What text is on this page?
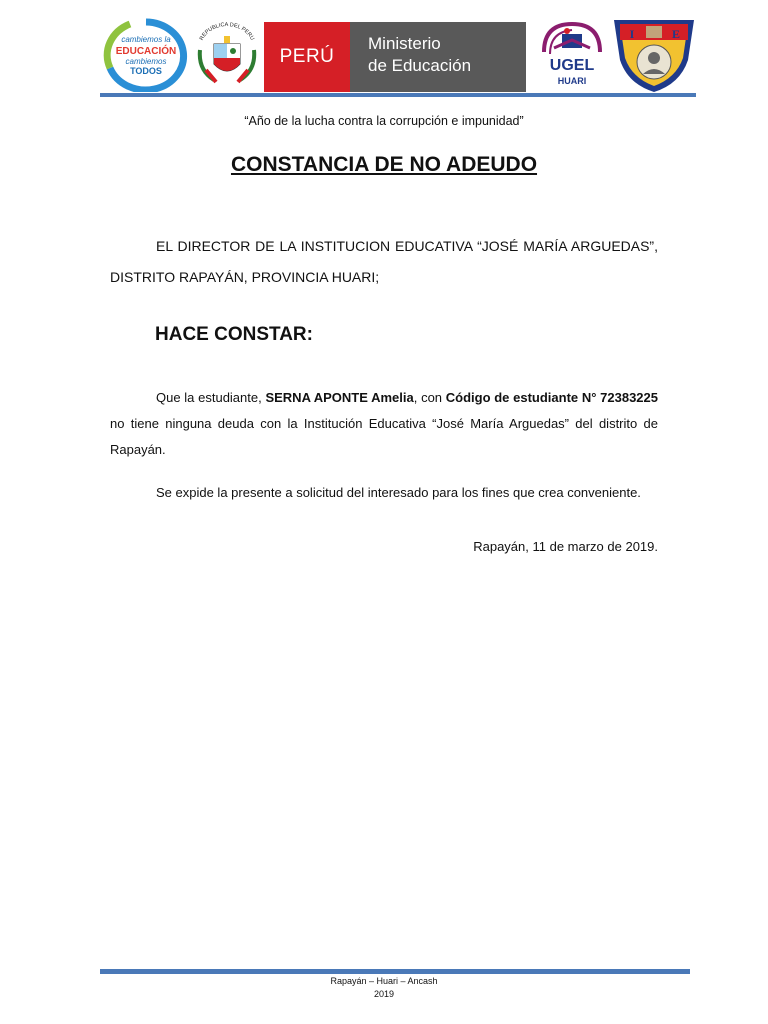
cambiemos la
EDUCACIÓN
cambiemos
TODOS
REPUBLICA DEL PERU
PERÚ
Ministerio
de Educación	UGEL
HUARI
I	E
“Año de la lucha contra la corrupción e impunidad”
CONSTANCIA DE NO ADEUDO
EL DIRECTOR DE LA INSTITUCION EDUCATIVA “JOSÉ MARÍA ARGUEDAS”, DISTRITO RAPAYÁN, PROVINCIA HUARI;
HACE CONSTAR:
Que la estudiante, SERNA APONTE Amelia, con Código de estudiante N° 72383225 no tiene ninguna deuda con la Institución Educativa “José María Arguedas” del distrito de Rapayán.
Se expide la presente a solicitud del interesado para los fines que crea conveniente.
Rapayán, 11 de marzo de 2019.
Rapayán – Huari – Ancash
2019
